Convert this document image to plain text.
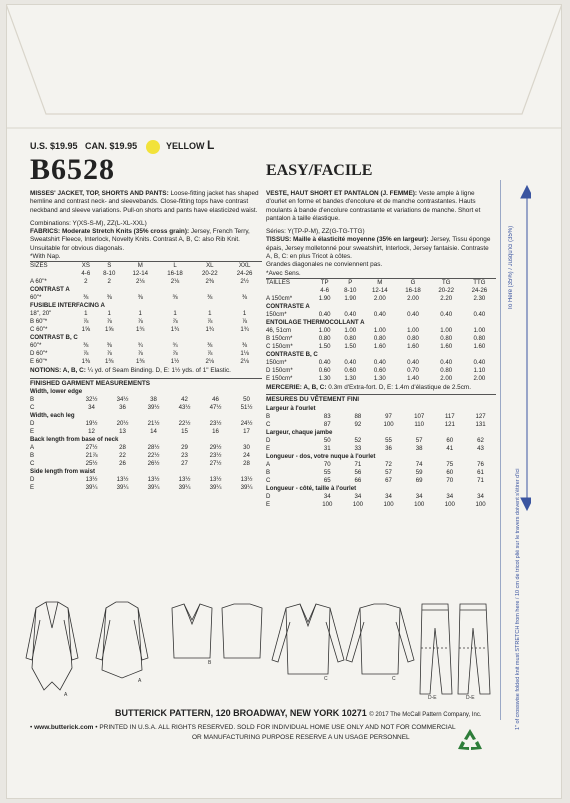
U.S. $19.95 CAN. $19.95	YELLOW L
B6528	EASY/FACILE
MISSES' JACKET, TOP, SHORTS AND PANTS: Loose-fitting jacket has shaped hemline and contrast neck- and sleevebands. Close-fitting tops have contrast neckband and sleeve variations. Pull-on shorts and pants have elasticized waist.
Combinations: Y(XS-S-M), ZZ(L-XL-XXL)
FABRICS: Moderate Stretch Knits (35% cross grain): Jersey, French Terry, Sweatshirt Fleece, Interlock, Novelty Knits. Contrast A, B, C: also Rib Knit.
Unsuitable for obvious diagonals.
*With Nap.
SIZES	XS	S	M	L	XL	XXL
	4-6	8-10	12-14	16-18	20-22	24-26
A 60"*	2	2	2⅛	2⅛	2⅜	2½
CONTRAST A						
60"*	⅜	⅜	⅜	⅜	⅜	⅜
FUSIBLE INTERFACING A						
18", 20"	1	1	1	1	1	1
B 60"*	⅞	⅞	⅞	⅞	⅞	⅞
C 60"*	1⅝	1⅝	1¾	1¾	1¾	1¾
CONTRAST B, C						
60"*	⅜	⅜	¾	¾	⅜	⅜
D 60"*	⅞	⅞	⅞	⅞	⅞	1⅛
E 60"*	1⅜	1⅜	1⅜	1½	2⅛	2⅛
NOTIONS: A, B, C: ¼ yd. of Seam Binding. D, E: 1½ yds. of 1" Elastic.
FINISHED GARMENT MEASUREMENTS
Width, lower edge						
B	32½	34½	38	42	46	50
C	34	36	39½	43½	47½	51½
Width, each leg						
D	19½	20½	21½	22½	23½	24½
E	12	13	14	15	16	17
Back length from base of neck						
A	27½	28	28½	29	29½	30
B	21⅞	22	22½	23	23½	24
C	25½	26	26½	27	27½	28
Side length from waist						
D	13½	13½	13½	13½	13½	13½
E	39¼	39¼	39¼	39¼	39¼	39¼
VESTE, HAUT SHORT ET PANTALON (J. FEMME): Veste ample à ligne d'ourlet en forme et bandes d'encolure et de manche contrastantes. Hauts moulants à bande d'encolure contrastante et variations de manche. Short et pantalon à taille élastique.
Séries: Y(TP-P-M), ZZ(G-TG-TTG)
TISSUS: Maille à élasticité moyenne (35% en largeur): Jersey, Tissu éponge épais, Jersey molletonné pour sweatshirt, Interlock, Jersey fantaisie. Contraste A, B, C: en plus Tricot à côtes.
Grandes diagonales ne conviennent pas.
*Avec Sens.
TAILLES	TP	P	M	G	TG	TTG
	4-6	8-10	12-14	16-18	20-22	24-26
A 150cm*	1.90	1.90	2.00	2.00	2.20	2.30
CONTRASTE A						
150cm*	0.40	0.40	0.40	0.40	0.40	0.40
ENTOILAGE THERMOCOLLANT A						
46, 51cm	1.00	1.00	1.00	1.00	1.00	1.00
B 150cm*	0.80	0.80	0.80	0.80	0.80	0.80
C 150cm*	1.50	1.50	1.60	1.60	1.60	1.60
CONTRASTE B, C						
150cm*	0.40	0.40	0.40	0.40	0.40	0.40
D 150cm*	0.60	0.60	0.60	0.70	0.80	1.10
E 150cm*	1.30	1.30	1.30	1.40	2.00	2.00
MERCERIE: A, B, C: 0.3m d'Extra-fort. D, E: 1.4m d'élastique de 2.5cm.
MESURES DU VÊTEMENT FINI
Largeur à l'ourlet						
B	83	88	97	107	117	127
C	87	92	100	110	121	131
Largeur, chaque jambe						
D	50	52	55	57	60	62
E	31	33	36	38	41	43
Longueur - dos, votre nuque à l'ourlet						
A	70	71	72	74	75	76
B	55	56	57	59	60	61
C	65	66	67	69	70	71
Longueur - côté, taille à l'ourlet						
D	34	34	34	34	34	34
E	100	100	100	100	100	100
A
A
B
C	C
D-E	D-E
BUTTERICK PATTERN, 120 BROADWAY, NEW YORK 10271 © 2017 The McCall Pattern Company, Inc.
• www.butterick.com • PRINTED IN U.S.A. ALL RIGHTS RESERVED. SOLD FOR INDIVIDUAL HOME USE ONLY AND NOT FOR COMMERCIAL
OR MANUFACTURING PURPOSE RESERVE A UN USAGE PERSONNEL
To Here (35%) / Jusqu'ici (35%)
1" of crosswise folded knit must STRETCH from here / 10 cm de tricot plié sur le travers doivent s'étirer d'ici
